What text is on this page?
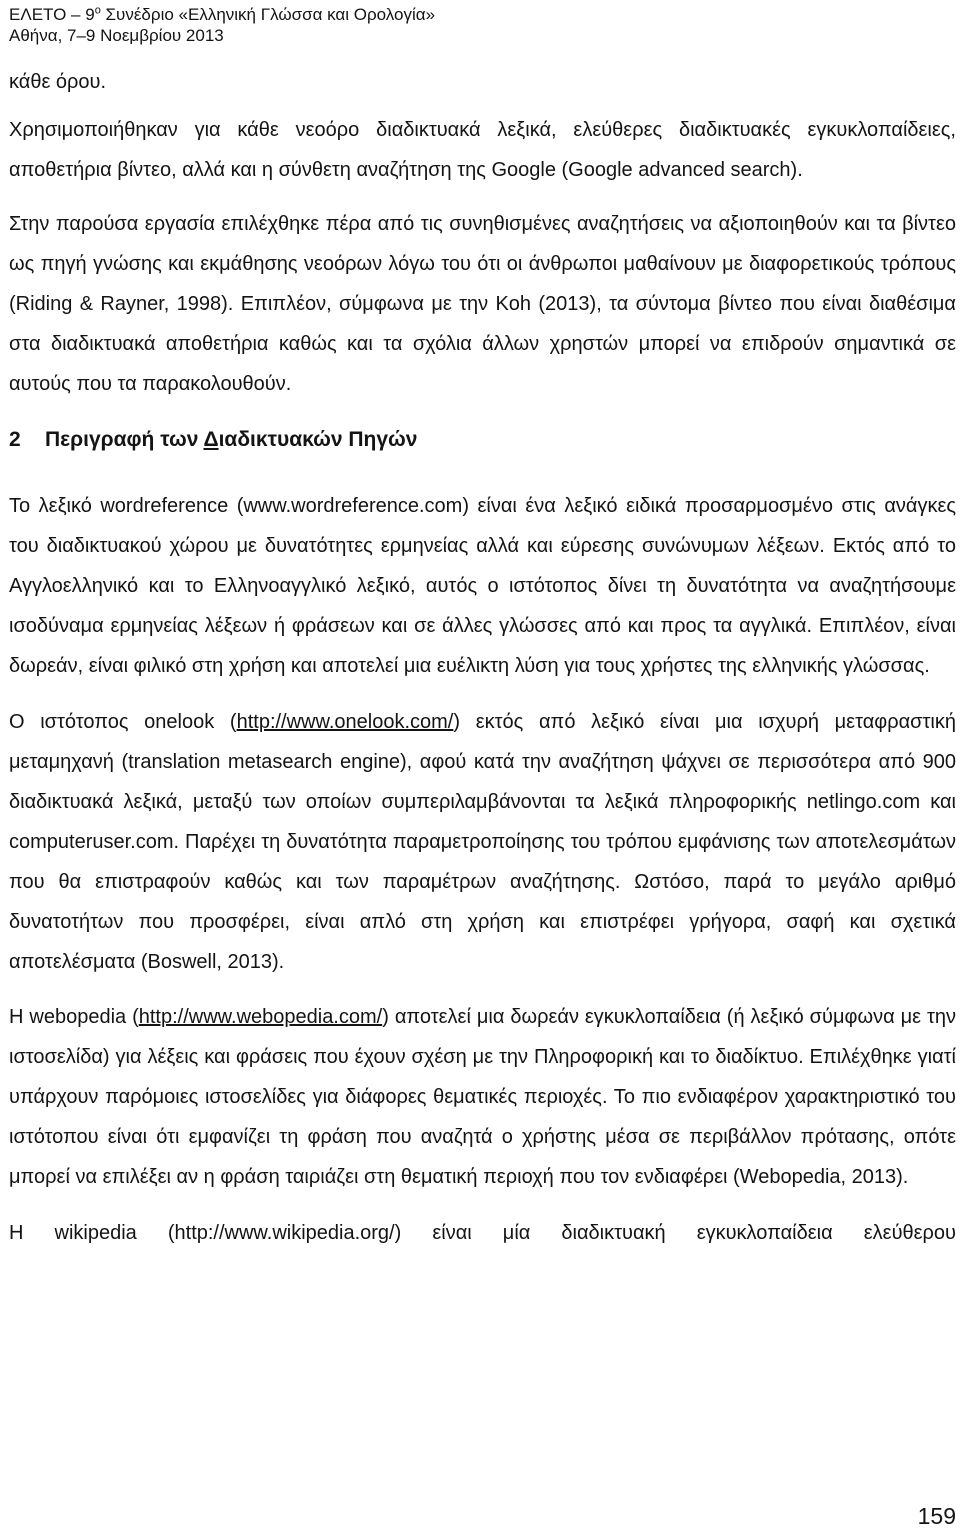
ΕΛΕΤΟ – $9^o$ Συνέδριο «Ελληνική Γλώσσα και Ορολογία»
Αθήνα, 7–9 Νοεμβρίου 2013

κάθε όρου.

Χρησιμοποιήθηκαν για κάθε νεοόρο διαδικτυακά λεξικά, ελεύθερες διαδικτυακές εγκυκλοπαίδειες, αποθετήρια βίντεο, αλλά και η σύνθετη αναζήτηση της Google (Google advanced search).

Στην παρούσα εργασία επιλέχθηκε πέρα από τις συνηθισμένες αναζητήσεις να αξιοποιηθούν και τα βίντεο ως πηγή γνώσης και εκμάθησης νεοόρων λόγω του ότι οι άνθρωποι μαθαίνουν με διαφορετικούς τρόπους (Riding & Rayner, 1998). Επιπλέον, σύμφωνα με την Koh (2013), τα σύντομα βίντεο που είναι διαθέσιμα στα διαδικτυακά αποθετήρια καθώς και τα σχόλια άλλων χρηστών μπορεί να επιδρούν σημαντικά σε αυτούς που τα παρακολουθούν.

2 Περιγραφή των Διαδικτυακών Πηγών

Το λεξικό wordreference (www.wordreference.com) είναι ένα λεξικό ειδικά προσαρμοσμένο στις ανάγκες του διαδικτυακού χώρου με δυνατότητες ερμηνείας αλλά και εύρεσης συνώνυμων λέξεων. Εκτός από το Αγγλοελληνικό και το Ελληνοαγγλικό λεξικό, αυτός ο ιστότοπος δίνει τη δυνατότητα να αναζητήσουμε ισοδύναμα ερμηνείας λέξεων ή φράσεων και σε άλλες γλώσσες από και προς τα αγγλικά. Επιπλέον, είναι δωρεάν, είναι φιλικό στη χρήση και αποτελεί μια ευέλικτη λύση για τους χρήστες της ελληνικής γλώσσας.

Ο ιστότοπος onelook (http://www.onelook.com/) εκτός από λεξικό είναι μια ισχυρή μεταφραστική μεταμηχανή (translation metasearch engine), αφού κατά την αναζήτηση ψάχνει σε περισσότερα από 900 διαδικτυακά λεξικά, μεταξύ των οποίων συμπεριλαμβάνονται τα λεξικά πληροφορικής netlingo.com και computeruser.com. Παρέχει τη δυνατότητα παραμετροποίησης του τρόπου εμφάνισης των αποτελεσμάτων που θα επιστραφούν καθώς και των παραμέτρων αναζήτησης. Ωστόσο, παρά το μεγάλο αριθμό δυνατοτήτων που προσφέρει, είναι απλό στη χρήση και επιστρέφει γρήγορα, σαφή και σχετικά αποτελέσματα (Boswell, 2013).

Η webopedia (http://www.webopedia.com/) αποτελεί μια δωρεάν εγκυκλοπαίδεια (ή λεξικό σύμφωνα με την ιστοσελίδα) για λέξεις και φράσεις που έχουν σχέση με την Πληροφορική και το διαδίκτυο. Επιλέχθηκε γιατί υπάρχουν παρόμοιες ιστοσελίδες για διάφορες θεματικές περιοχές. Το πιο ενδιαφέρον χαρακτηριστικό του ιστότοπου είναι ότι εμφανίζει τη φράση που αναζητά ο χρήστης μέσα σε περιβάλλον πρότασης, οπότε μπορεί να επιλέξει αν η φράση ταιριάζει στη θεματική περιοχή που τον ενδιαφέρει (Webopedia, 2013).

Η wikipedia (http://www.wikipedia.org/) είναι μία διαδικτυακή εγκυκλοπαίδεια ελεύθερου

159
